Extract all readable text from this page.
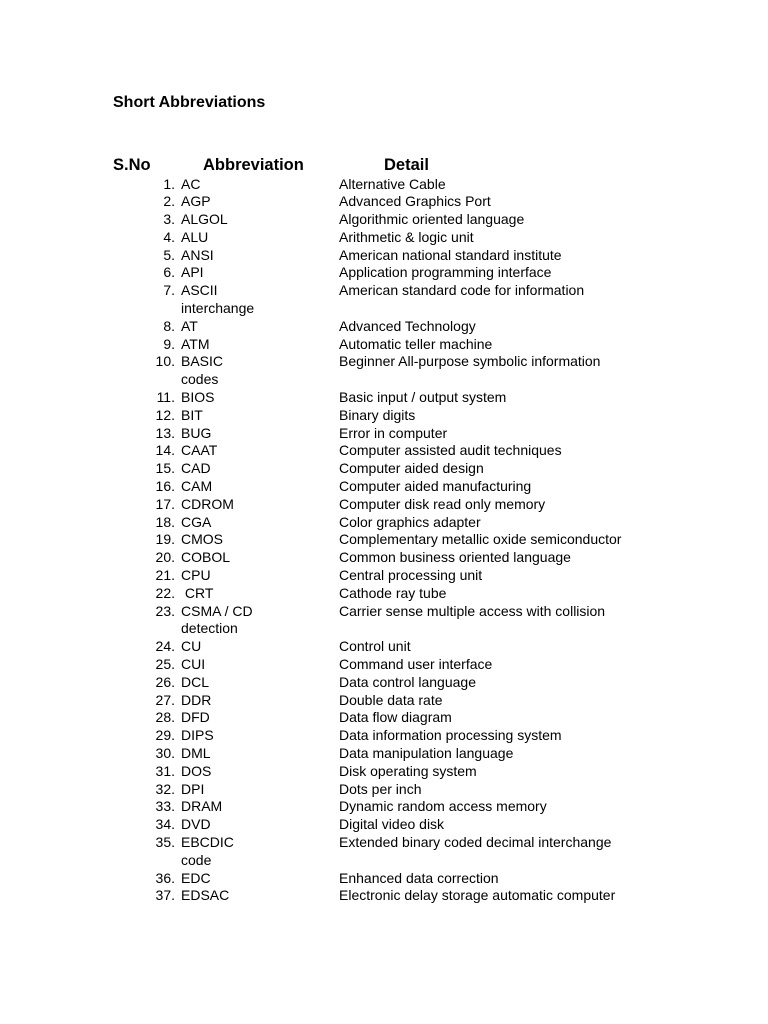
Short Abbreviations
S.No	Abbreviation	Detail
1. AC	Alternative Cable
2. AGP	Advanced Graphics Port
3. ALGOL	Algorithmic oriented language
4. ALU	Arithmetic & logic unit
5. ANSI	American national standard institute
6. API	Application programming interface
7. ASCII	American standard code for information
interchange
8. AT	Advanced Technology
9. ATM	Automatic teller machine
10. BASIC	Beginner All-purpose symbolic information
codes
11. BIOS	Basic input / output system
12. BIT	Binary digits
13. BUG	Error in computer
14. CAAT	Computer assisted audit techniques
15. CAD	Computer aided design
16. CAM	Computer aided manufacturing
17. CDROM	Computer disk read only memory
18. CGA	Color graphics adapter
19. CMOS	Complementary metallic oxide semiconductor
20. COBOL	Common business oriented language
21. CPU	Central processing unit
22. CRT	Cathode ray tube
23. CSMA / CD	Carrier sense multiple access with collision
detection
24. CU	Control unit
25. CUI	Command user interface
26. DCL	Data control language
27. DDR	Double data rate
28. DFD	Data flow diagram
29. DIPS	Data information processing system
30. DML	Data manipulation language
31. DOS	Disk operating system
32. DPI	Dots per inch
33. DRAM	Dynamic random access memory
34. DVD	Digital video disk
35. EBCDIC	Extended binary coded decimal interchange
code
36. EDC	Enhanced data correction
37. EDSAC	Electronic delay storage automatic computer
